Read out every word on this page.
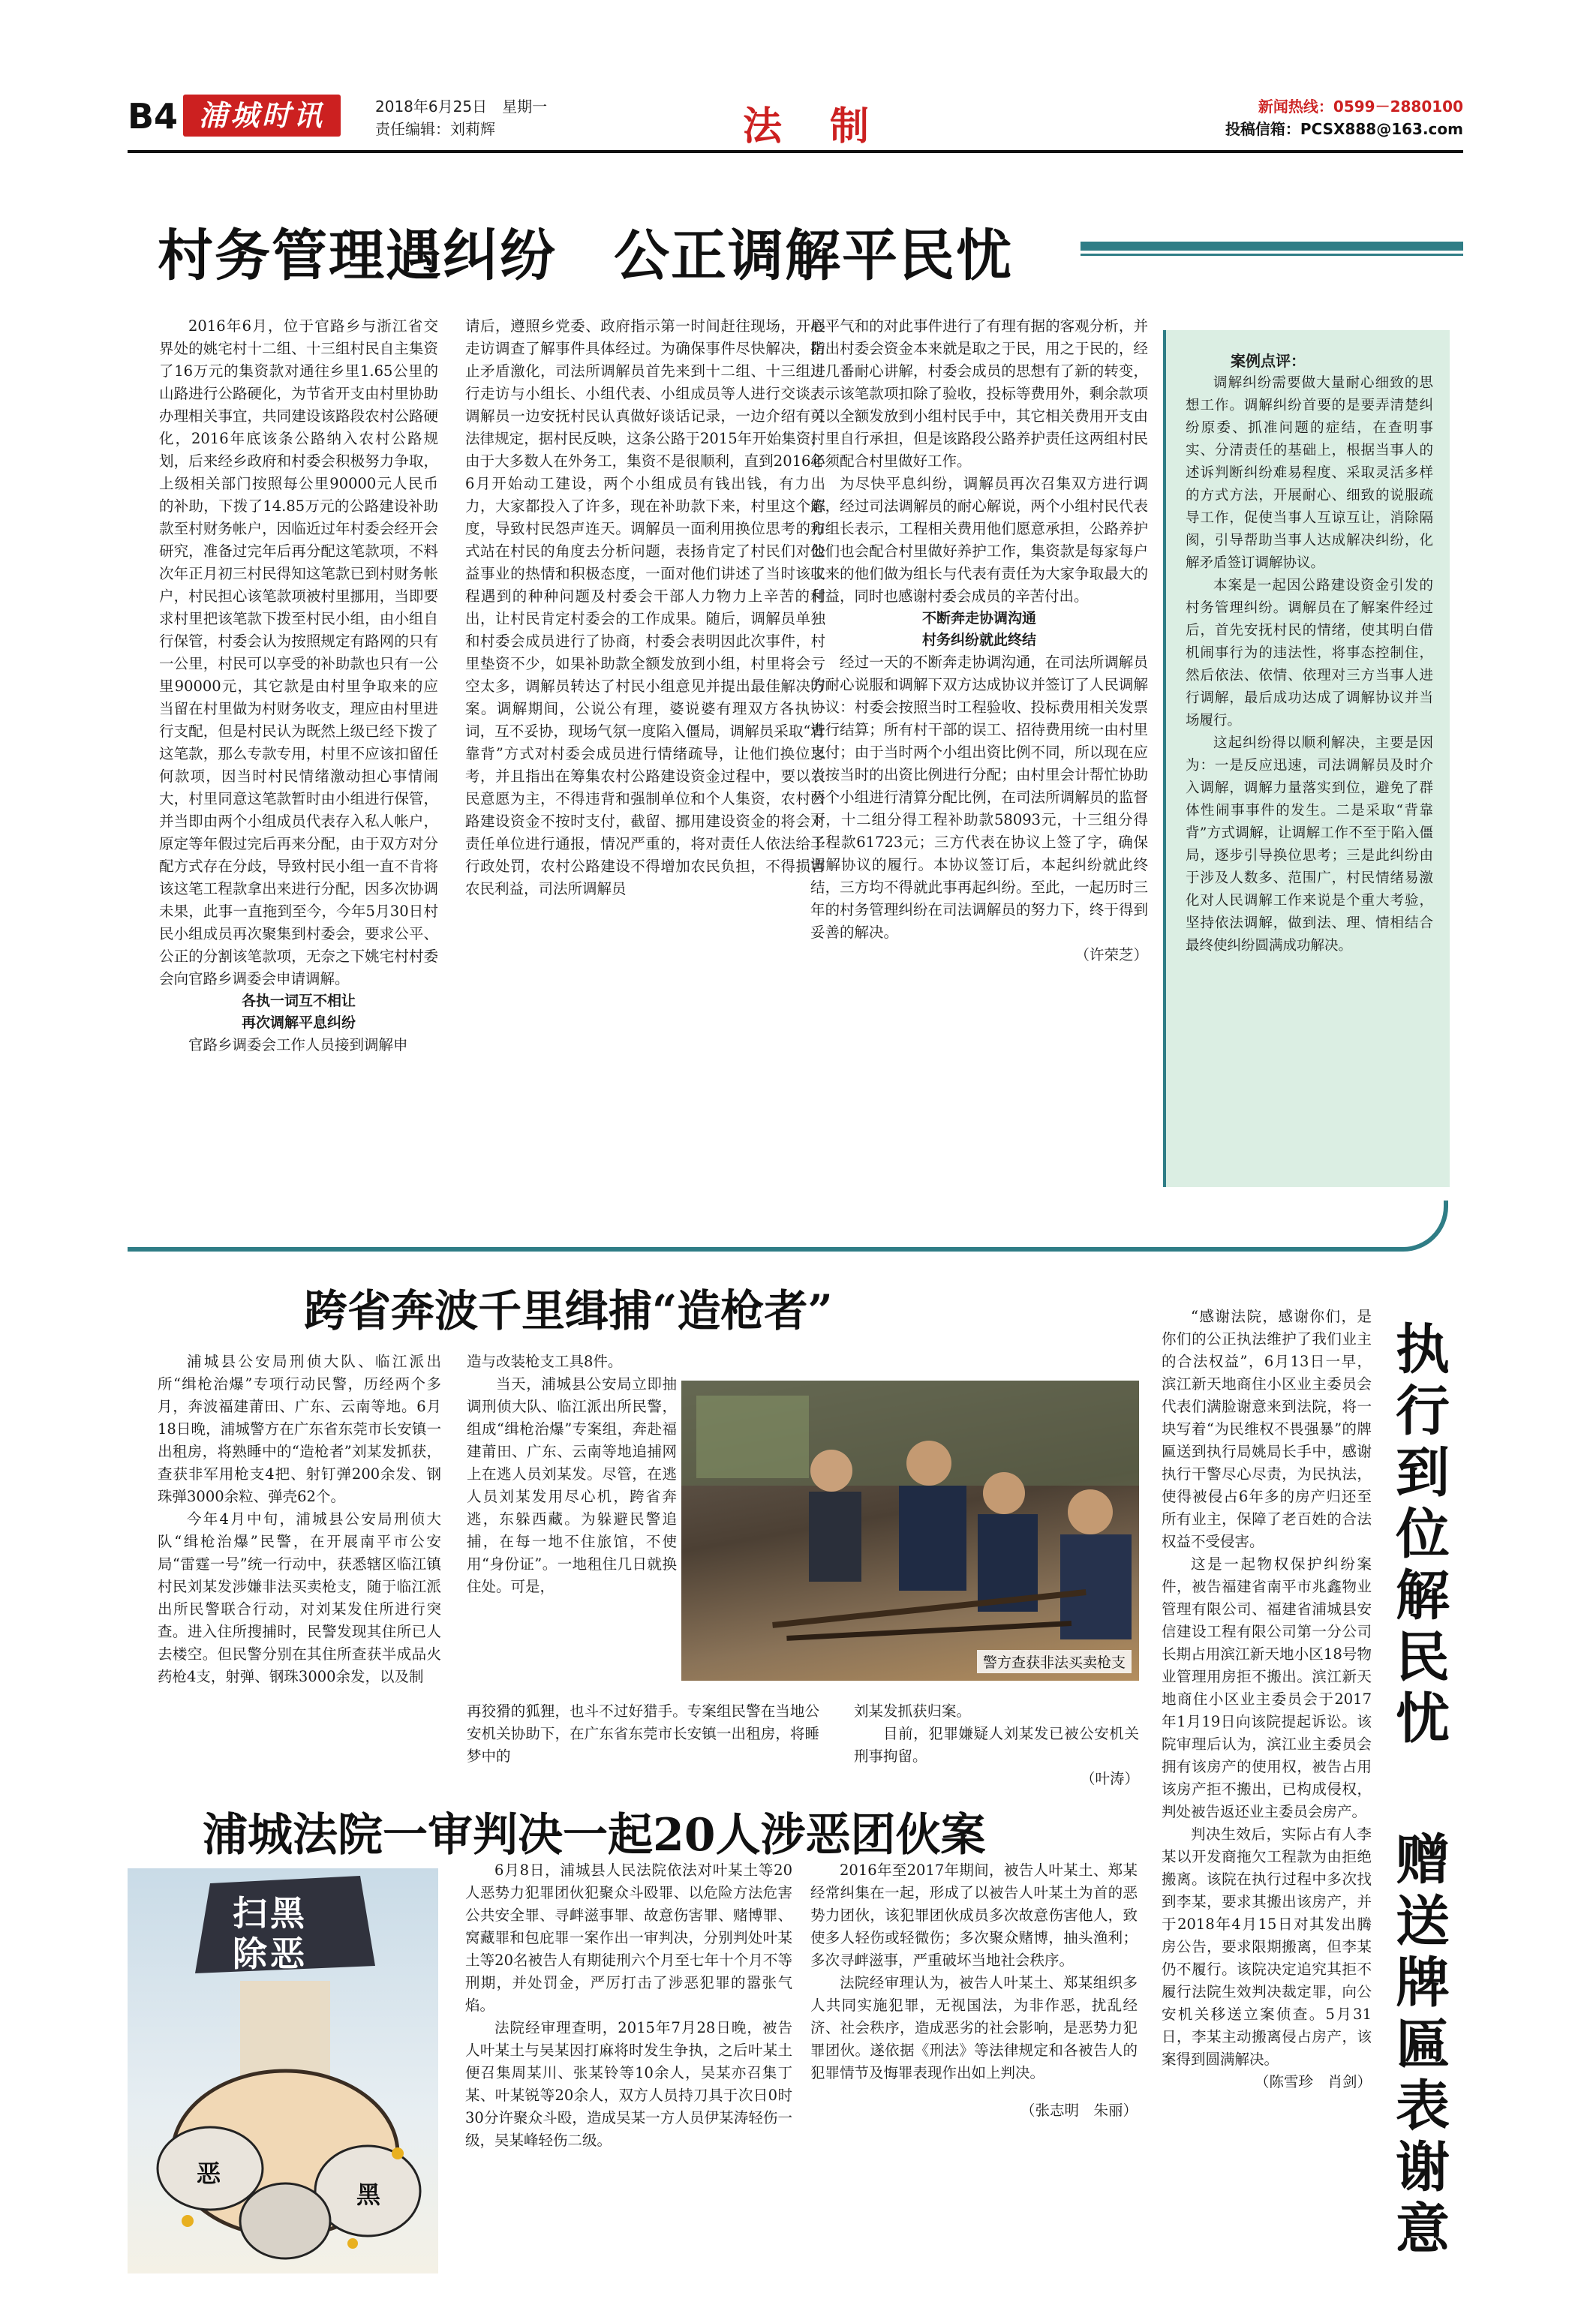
B4 浦城时讯	2018年6月25日　星期一
责任编辑：刘莉辉	法　制	新闻热线：0599－2880100
投稿信箱：PCSX888@163.com
村务管理遇纠纷　公正调解平民忧

2016年6月，位于官路乡与浙江省交界处的姚宅村十二组、十三组村民自主集资了16万元的集资款对通往乡里1.65公里的山路进行公路硬化，为节省开支由村里协助办理相关事宜，共同建设该路段农村公路硬化，2016年底该条公路纳入农村公路规划，后来经乡政府和村委会积极努力争取，上级相关部门按照每公里90000元人民币的补助，下拨了14.85万元的公路建设补助款至村财务帐户，因临近过年村委会经开会研究，准备过完年后再分配这笔款项，不料次年正月初三村民得知这笔款已到村财务帐户，村民担心该笔款项被村里挪用，当即要求村里把该笔款下拨至村民小组，由小组自行保管，村委会认为按照规定有路网的只有一公里，村民可以享受的补助款也只有一公里90000元，其它款是由村里争取来的应当留在村里做为村财务收支，理应由村里进行支配，但是村民认为既然上级已经下拨了这笔款，那么专款专用，村里不应该扣留任何款项，因当时村民情绪激动担心事情闹大，村里同意这笔款暂时由小组进行保管，并当即由两个小组成员代表存入私人帐户，原定等年假过完后再来分配，由于双方对分配方式存在分歧，导致村民小组一直不肯将该这笔工程款拿出来进行分配，因多次协调未果，此事一直拖到至今，今年5月30日村民小组成员再次聚集到村委会，要求公平、公正的分割该笔款项，无奈之下姚宅村村委会向官路乡调委会申请调解。

各执一词互不相让

再次调解平息纠纷

官路乡调委会工作人员接到调解申

请后，遵照乡党委、政府指示第一时间赶往现场，开展走访调查了解事件具体经过。为确保事件尽快解决，防止矛盾激化，司法所调解员首先来到十二组、十三组进行走访与小组长、小组代表、小组成员等人进行交谈。调解员一边安抚村民认真做好谈话记录，一边介绍有关法律规定，据村民反映，这条公路于2015年开始集资，由于大多数人在外务工，集资不是很顺利，直到2016年6月开始动工建设，两个小组成员有钱出钱，有力出力，大家都投入了许多，现在补助款下来，村里这个态度，导致村民怨声连天。调解员一面利用换位思考的方式站在村民的角度去分析问题，表扬肯定了村民们对公益事业的热情和积极态度，一面对他们讲述了当时该工程遇到的种种问题及村委会干部人力物力上辛苦的付出，让村民肯定村委会的工作成果。随后，调解员单独和村委会成员进行了协商，村委会表明因此次事件，村里垫资不少，如果补助款全额发放到小组，村里将会亏空太多，调解员转达了村民小组意见并提出最佳解决方案。调解期间，公说公有理，婆说婆有理双方各执一词，互不妥协，现场气氛一度陷入僵局，调解员采取“背靠背”方式对村委会成员进行情绪疏导，让他们换位思考，并且指出在筹集农村公路建设资金过程中，要以农民意愿为主，不得违背和强制单位和个人集资，农村公路建设资金不按时支付，截留、挪用建设资金的将会对责任单位进行通报，情况严重的，将对责任人依法给予行政处罚，农村公路建设不得增加农民负担，不得损害农民利益，司法所调解员

心平气和的对此事件进行了有理有据的客观分析，并指出村委会资金本来就是取之于民，用之于民的，经过几番耐心讲解，村委会成员的思想有了新的转变，表示该笔款项扣除了验收，投标等费用外，剩余款项可以全额发放到小组村民手中，其它相关费用开支由村里自行承担，但是该路段公路养护责任这两组村民必须配合村里做好工作。

为尽快平息纠纷，调解员再次召集双方进行调解，经过司法调解员的耐心解说，两个小组村民代表和组长表示，工程相关费用他们愿意承担，公路养护他们也会配合村里做好养护工作，集资款是每家每户收来的他们做为组长与代表有责任为大家争取最大的利益，同时也感谢村委会成员的辛苦付出。

不断奔走协调沟通

村务纠纷就此终结

经过一天的不断奔走协调沟通，在司法所调解员的耐心说服和调解下双方达成协议并签订了人民调解协议：村委会按照当时工程验收、投标费用相关发票进行结算；所有村干部的误工、招待费用统一由村里支付；由于当时两个小组出资比例不同，所以现在应当按当时的出资比例进行分配；由村里会计帮忙协助两个小组进行清算分配比例，在司法所调解员的监督下，十二组分得工程补助款58093元，十三组分得工程款61723元；三方代表在协议上签了字，确保调解协议的履行。本协议签订后，本起纠纷就此终结，三方均不得就此事再起纠纷。至此，一起历时三年的村务管理纠纷在司法调解员的努力下，终于得到妥善的解决。

（许荣芝）

案例点评：

调解纠纷需要做大量耐心细致的思想工作。调解纠纷首要的是要弄清楚纠纷原委、抓准问题的症结，在查明事实、分清责任的基础上，根据当事人的述诉判断纠纷难易程度、采取灵活多样的方式方法，开展耐心、细致的说服疏导工作，促使当事人互谅互让，消除隔阂，引导帮助当事人达成解决纠纷，化解矛盾签订调解协议。

本案是一起因公路建设资金引发的村务管理纠纷。调解员在了解案件经过后，首先安抚村民的情绪，使其明白借机闹事行为的违法性，将事态控制住，然后依法、依情、依理对三方当事人进行调解，最后成功达成了调解协议并当场履行。

这起纠纷得以顺利解决，主要是因为：一是反应迅速，司法调解员及时介入调解，调解力量落实到位，避免了群体性闹事事件的发生。二是采取“背靠背”方式调解，让调解工作不至于陷入僵局，逐步引导换位思考；三是此纠纷由于涉及人数多、范围广，村民情绪易激化对人民调解工作来说是个重大考验，坚持依法调解，做到法、理、情相结合最终使纠纷圆满成功解决。

跨省奔波千里缉捕“造枪者”

浦城县公安局刑侦大队、临江派出所“缉枪治爆”专项行动民警，历经两个多月，奔波福建莆田、广东、云南等地。6月18日晚，浦城警方在广东省东莞市长安镇一出租房，将熟睡中的“造枪者”刘某发抓获，查获非军用枪支4把、射钉弹200余发、钢珠弹3000余粒、弹壳62个。

今年4月中旬，浦城县公安局刑侦大队“缉枪治爆”民警，在开展南平市公安局“雷霆一号”统一行动中，获悉辖区临江镇村民刘某发涉嫌非法买卖枪支，随于临江派出所民警联合行动，对刘某发住所进行突查。进入住所搜捕时，民警发现其住所已人去楼空。但民警分别在其住所查获半成品火药枪4支，射弹、钢珠3000余发，以及制

造与改装枪支工具8件。

当天，浦城县公安局立即抽调刑侦大队、临江派出所民警，组成“缉枪治爆”专案组，奔赴福建莆田、广东、云南等地追捕网上在逃人员刘某发。尽管，在逃人员刘某发用尽心机，跨省奔逃，东躲西藏。为躲避民警追捕，在每一地不住旅馆，不使用“身份证”。一地租住几日就换住处。可是，

再狡猾的狐狸，也斗不过好猎手。专案组民警在当地公安机关协助下，在广东省东莞市长安镇一出租房，将睡梦中的

警方查获非法买卖枪支

刘某发抓获归案。

目前，犯罪嫌疑人刘某发已被公安机关刑事拘留。

（叶涛）

浦城法院一审判决一起20人涉恶团伙案
扫黑
除恶
黑
恶

6月8日，浦城县人民法院依法对叶某土等20人恶势力犯罪团伙犯聚众斗殴罪、以危险方法危害公共安全罪、寻衅滋事罪、故意伤害罪、赌博罪、窝藏罪和包庇罪一案作出一审判决，分别判处叶某土等20名被告人有期徒刑六个月至七年十个月不等刑期，并处罚金，严厉打击了涉恶犯罪的嚣张气焰。

法院经审理查明，2015年7月28日晚，被告人叶某土与吴某因打麻将时发生争执，之后叶某土便召集周某川、张某铃等10余人，吴某亦召集丁某、叶某锐等20余人，双方人员持刀具于次日0时30分许聚众斗殴，造成吴某一方人员伊某涛轻伤一级，吴某峰轻伤二级。

2016年至2017年期间，被告人叶某土、郑某经常纠集在一起，形成了以被告人叶某土为首的恶势力团伙，该犯罪团伙成员多次故意伤害他人，致使多人轻伤或轻微伤；多次聚众赌博，抽头渔利；多次寻衅滋事，严重破坏当地社会秩序。

法院经审理认为，被告人叶某土、郑某组织多人共同实施犯罪，无视国法，为非作恶，扰乱经济、社会秩序，造成恶劣的社会影响，是恶势力犯罪团伙。遂依据《刑法》等法律规定和各被告人的犯罪情节及悔罪表现作出如上判决。

（张志明　朱丽）

“感谢法院，感谢你们，是你们的公正执法维护了我们业主的合法权益”，6月13日一早，滨江新天地商住小区业主委员会代表们满脸谢意来到法院，将一块写着“为民维权不畏强暴”的牌匾送到执行局姚局长手中，感谢执行干警尽心尽责，为民执法，使得被侵占6年多的房产归还至所有业主，保障了老百姓的合法权益不受侵害。

这是一起物权保护纠纷案件，被告福建省南平市兆鑫物业管理有限公司、福建省浦城县安信建设工程有限公司第一分公司长期占用滨江新天地小区18号物业管理用房拒不搬出。滨江新天地商住小区业主委员会于2017年1月19日向该院提起诉讼。该院审理后认为，滨江业主委员会拥有该房产的使用权，被告占用该房产拒不搬出，已构成侵权，判处被告返还业主委员会房产。

判决生效后，实际占有人李某以开发商拖欠工程款为由拒绝搬离。该院在执行过程中多次找到李某，要求其搬出该房产，并于2018年4月15日对其发出腾房公告，要求限期搬离，但李某仍不履行。该院决定追究其拒不履行法院生效判决裁定罪，向公安机关移送立案侦查。5月31日，李某主动搬离侵占房产，该案得到圆满解决。

（陈雪珍　肖剑）

执行到位解民忧
赠送牌匾表谢意
